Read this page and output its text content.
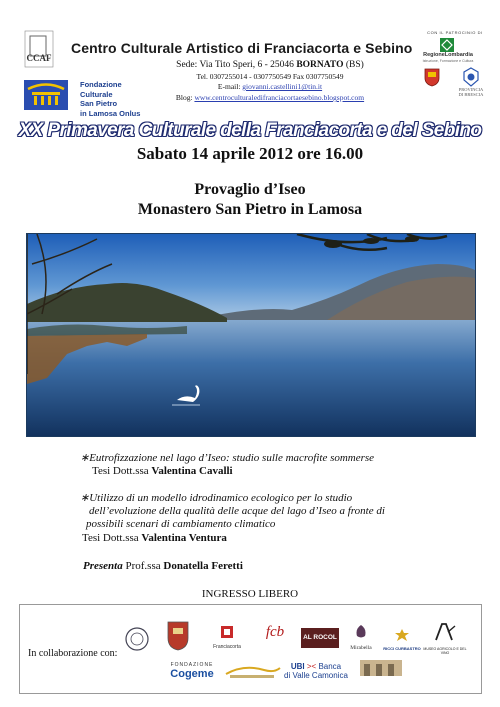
CCAF
Centro Culturale Artistico di Franciacorta e Sebino
Sede: Via Tito Speri, 6 - 25046 BORNATO (BS)
Tel. 0307255014 - 0307750549 Fax 0307750549
E-mail: giovanni.castellini1@tin.it
Blog: www.centroculturaledifranciacortaesebino.blogspot.com
Fondazione
Culturale
San Pietro
in Lamosa Onlus
CON IL PATROCINIO DI
RegioneLombardia
Istruzione, Formazione e Cultura
PROVINCIA
DI BRESCIA
XX Primavera Culturale della Franciacorta e del Sebino
Sabato 14 aprile 2012 ore 16.00
Provaglio d’Iseo
Monastero San Pietro in Lamosa
∗Eutrofizzazione nel lago d’Iseo: studio sulle macrofite sommerse
Tesi Dott.ssa Valentina Cavalli
∗Utilizzo di un modello idrodinamico ecologico per lo studio
dell’evoluzione della qualità delle acque del lago d’Iseo a fronte di
possibili scenari di cambiamento climatico
Tesi Dott.ssa Valentina Ventura
Presenta Prof.ssa Donatella Feretti
INGRESSO LIBERO
In collaborazione con:
Franciacorta
fcb	AL ROCOL
Mirabella	RICCI CURBASTRO MUSEO AGRICOLO E DEL VINO
FONDAZIONE
Cogeme
UBI >< Banca
di Valle Camonica
